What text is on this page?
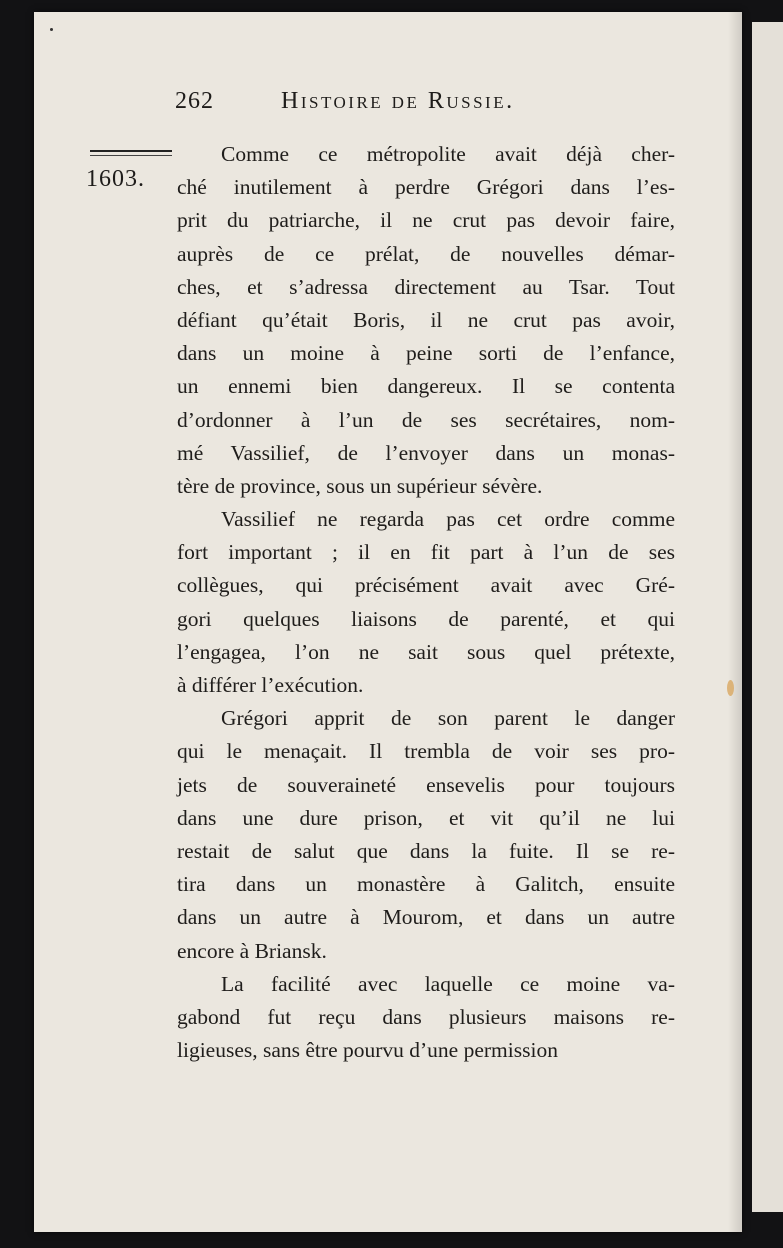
262	Histoire de Russie.
1603.
Comme ce métropolite avait déjà cher-
ché inutilement à perdre Grégori dans l’es-
prit du patriarche, il ne crut pas devoir faire,
auprès de ce prélat, de nouvelles démar-
ches, et s’adressa directement au Tsar. Tout
défiant qu’était Boris, il ne crut pas avoir,
dans un moine à peine sorti de l’enfance,
un ennemi bien dangereux. Il se contenta
d’ordonner à l’un de ses secrétaires, nom-
mé Vassilief, de l’envoyer dans un monas-
tère de province, sous un supérieur sévère.
Vassilief ne regarda pas cet ordre comme
fort important ; il en fit part à l’un de ses
collègues, qui précisément avait avec Gré-
gori quelques liaisons de parenté, et qui
l’engagea, l’on ne sait sous quel prétexte,
à différer l’exécution.
Grégori apprit de son parent le danger
qui le menaçait. Il trembla de voir ses pro-
jets de souveraineté ensevelis pour toujours
dans une dure prison, et vit qu’il ne lui
restait de salut que dans la fuite. Il se re-
tira dans un monastère à Galitch, ensuite
dans un autre à Mourom, et dans un autre
encore à Briansk.
La facilité avec laquelle ce moine va-
gabond fut reçu dans plusieurs maisons re-
ligieuses, sans être pourvu d’une permission
